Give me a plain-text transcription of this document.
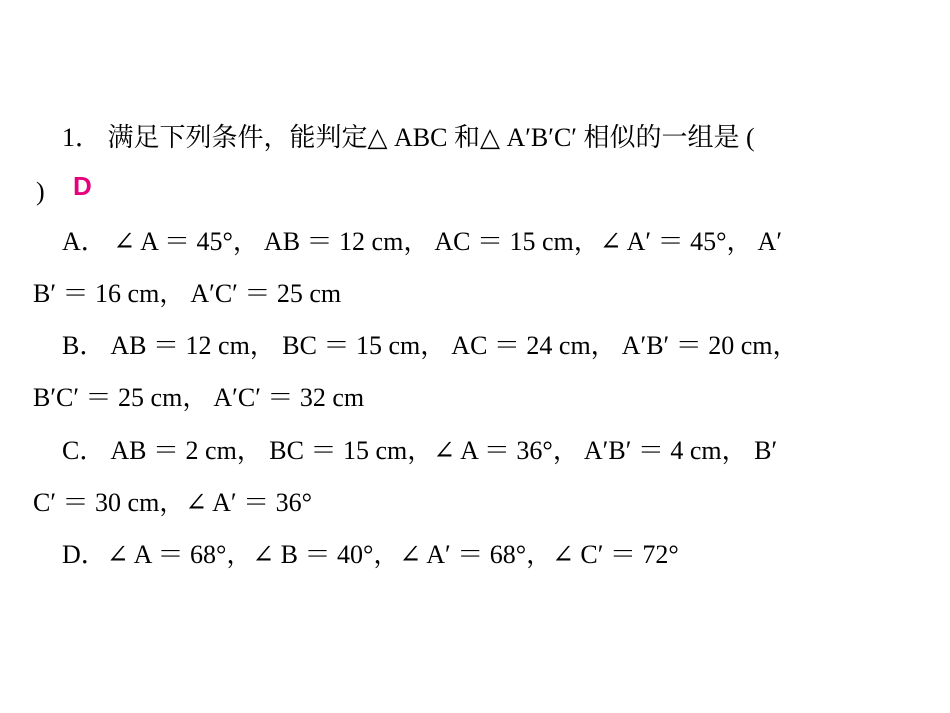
1． 满足下列条件，能判定△ ABC 和△ A′B′C′ 相似的一组是 (
) D
A． ∠ A ＝ 45°， AB ＝ 12 cm， AC ＝ 15 cm，∠ A′ ＝ 45°， A′
B′ ＝ 16 cm， A′C′ ＝ 25 cm
B． AB ＝ 12 cm， BC ＝ 15 cm， AC ＝ 24 cm， A′B′ ＝ 20 cm，
B′C′ ＝ 25 cm， A′C′ ＝ 32 cm
C． AB ＝ 2 cm， BC ＝ 15 cm，∠ A ＝ 36°， A′B′ ＝ 4 cm， B′
C′ ＝ 30 cm，∠ A′ ＝ 36°
D．∠ A ＝ 68°，∠ B ＝ 40°，∠ A′ ＝ 68°，∠ C′ ＝ 72°
